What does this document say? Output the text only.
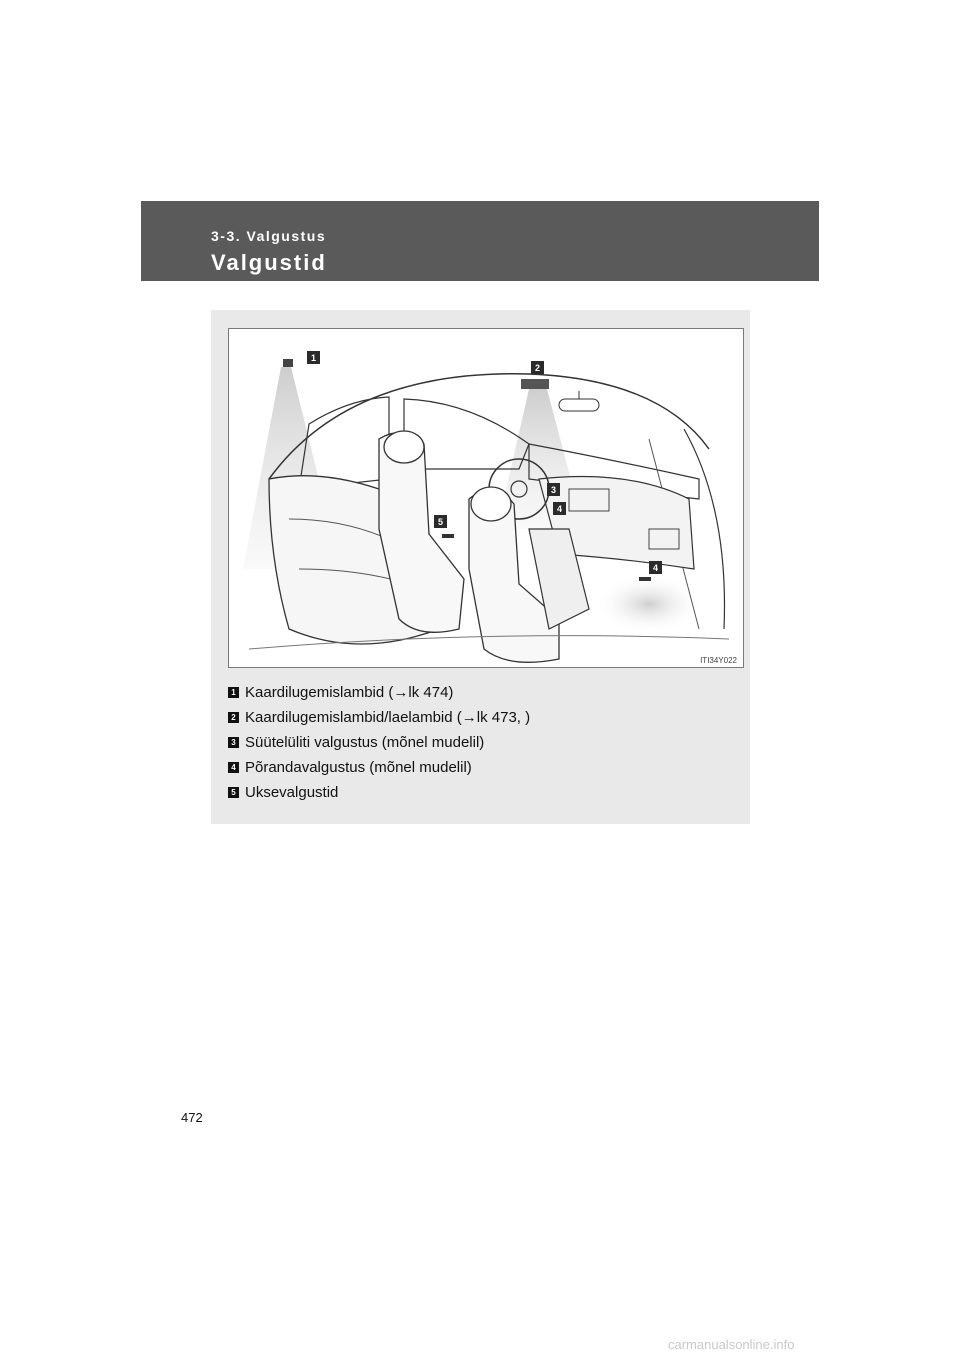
3-3. Valgustus
Valgustid
1
2
3
4
5
4
ITI34Y022
1 Kaardilugemislambid (→lk 474)
2 Kaardilugemislambid/laelambid (→lk 473, )
3 Süütelüliti valgustus (mõnel mudelil)
4 Põrandavalgustus (mõnel mudelil)
5 Uksevalgustid
472
carmanualsonline.info
